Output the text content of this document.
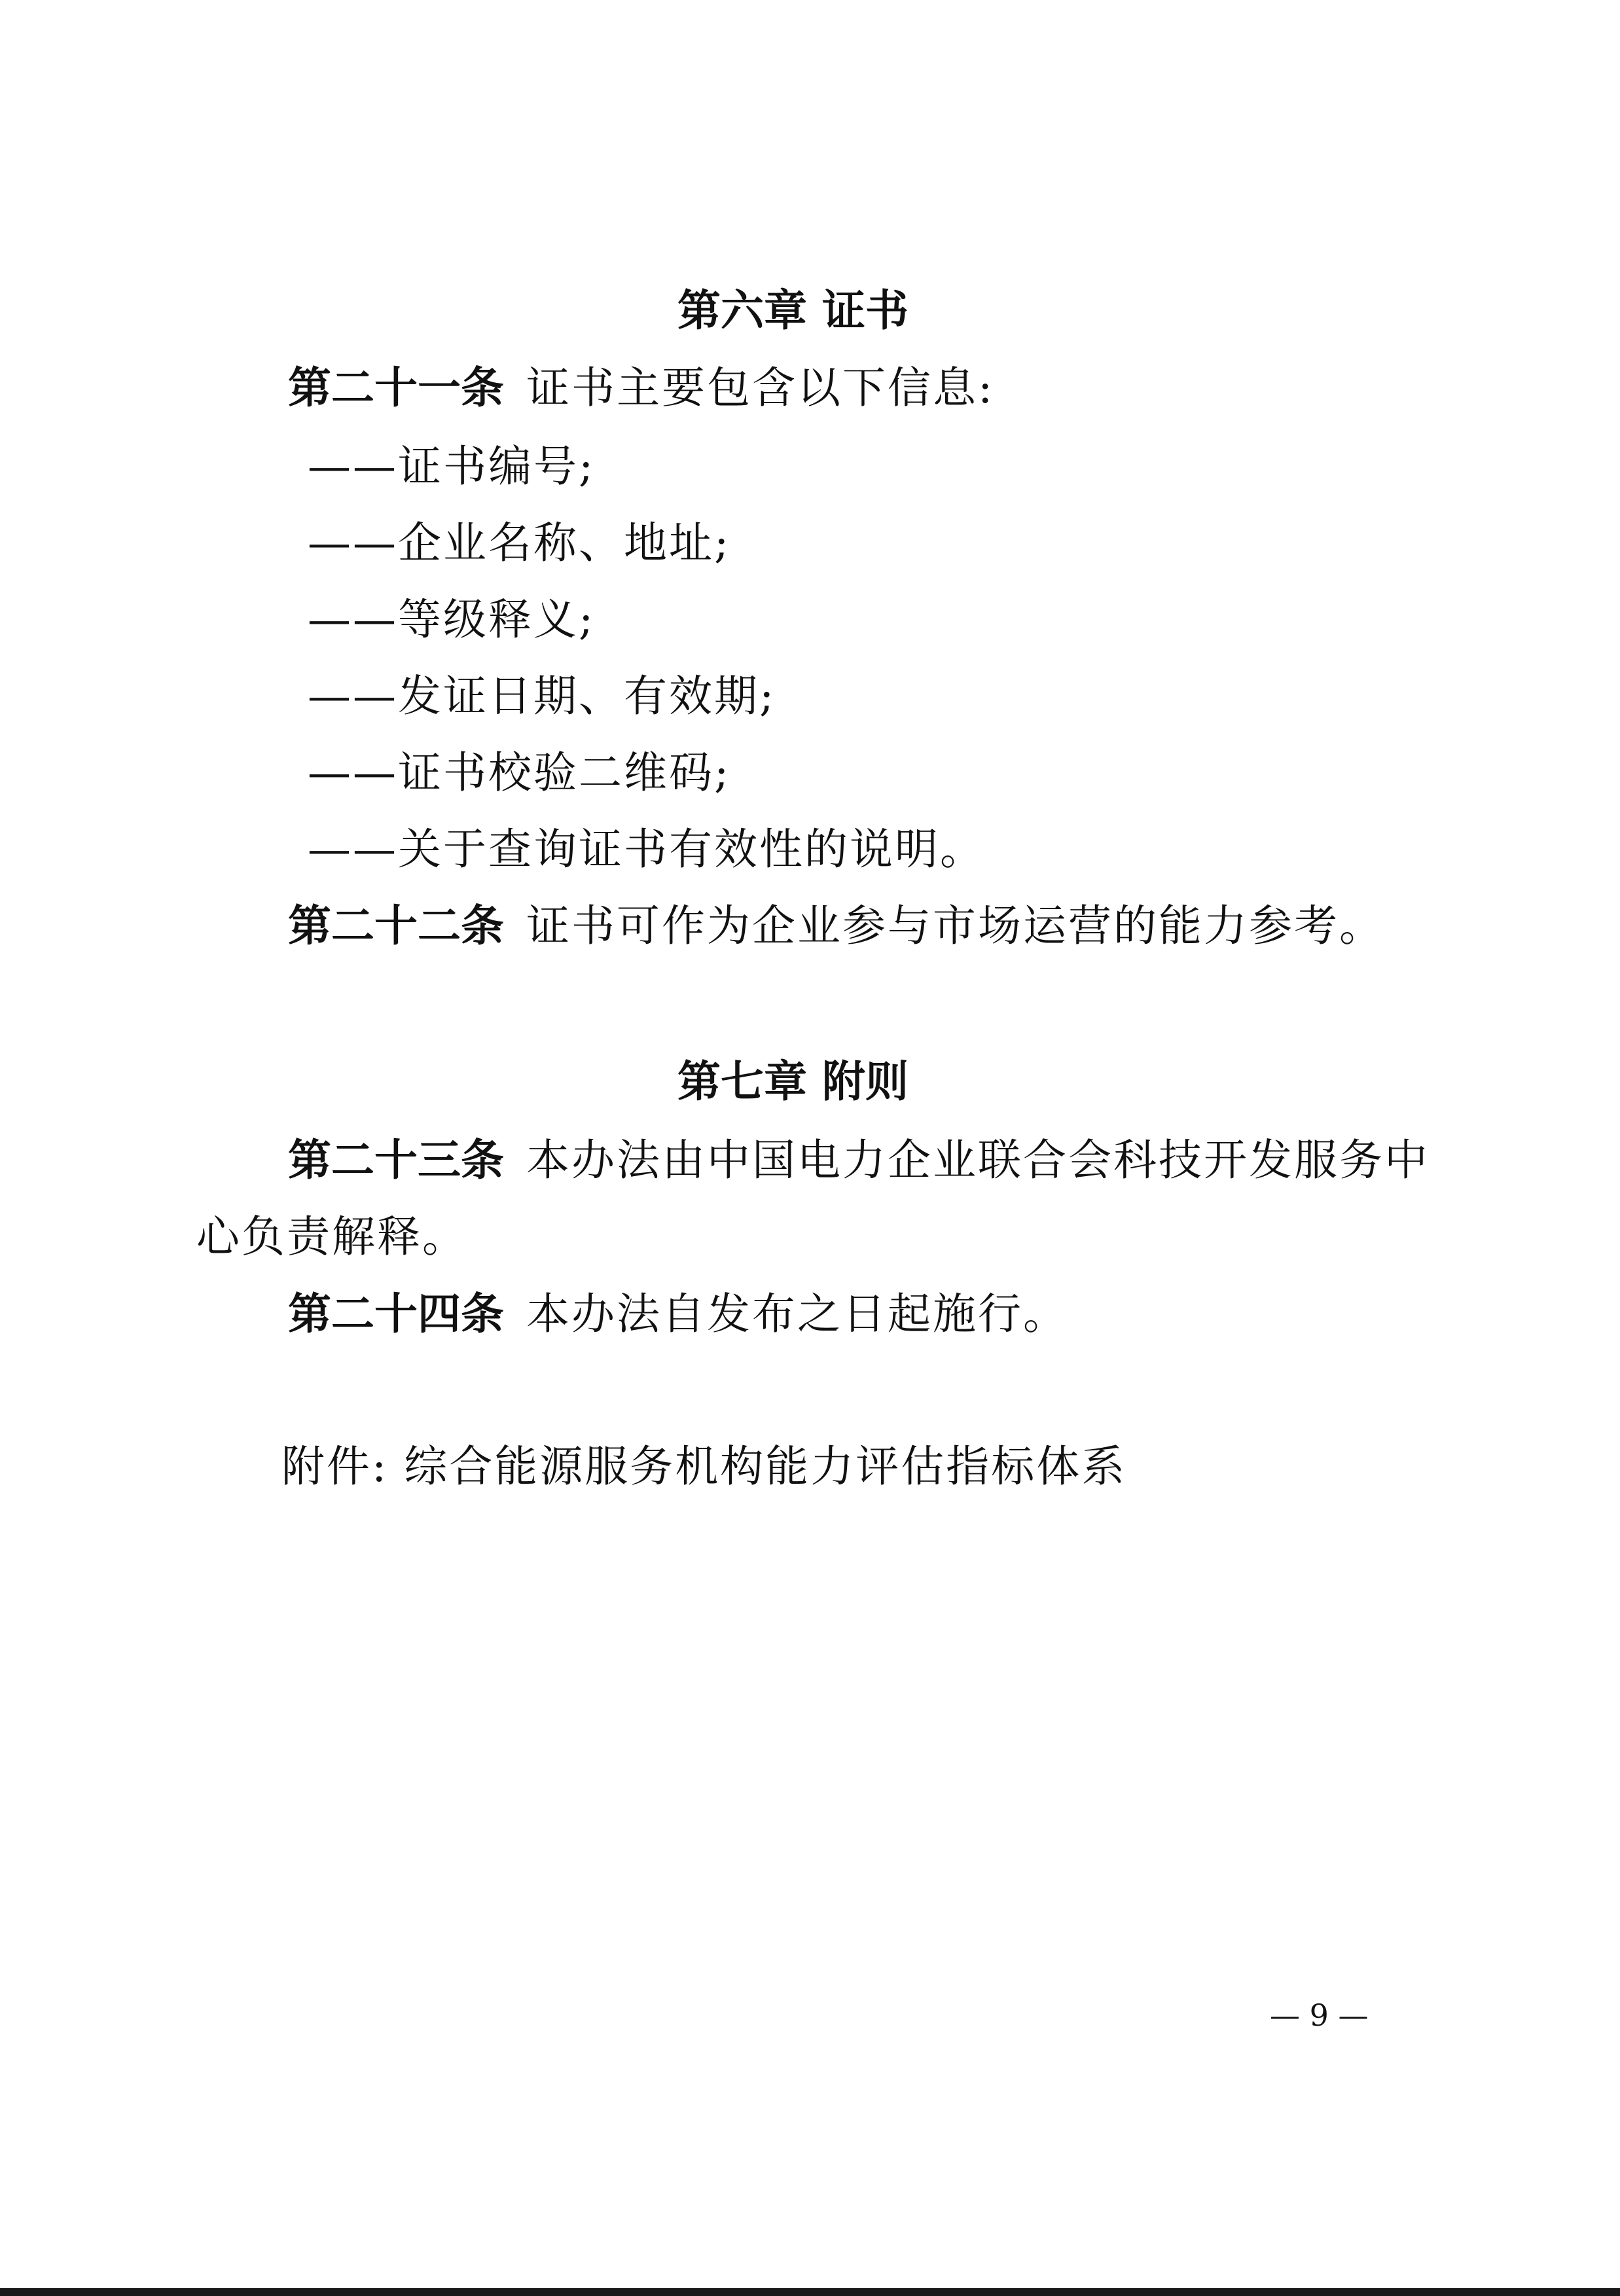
第六章 证书
第二十一条 证书主要包含以下信息:
——证书编号;
——企业名称、地址;
——等级释义;
——发证日期、有效期;
——证书校验二维码;
——关于查询证书有效性的说明。
第二十二条 证书可作为企业参与市场运营的能力参考。
第七章 附则
第二十三条 本办法由中国电力企业联合会科技开发服务中
心负责解释。
第二十四条 本办法自发布之日起施行。
附件: 综合能源服务机构能力评估指标体系
— 9 —
